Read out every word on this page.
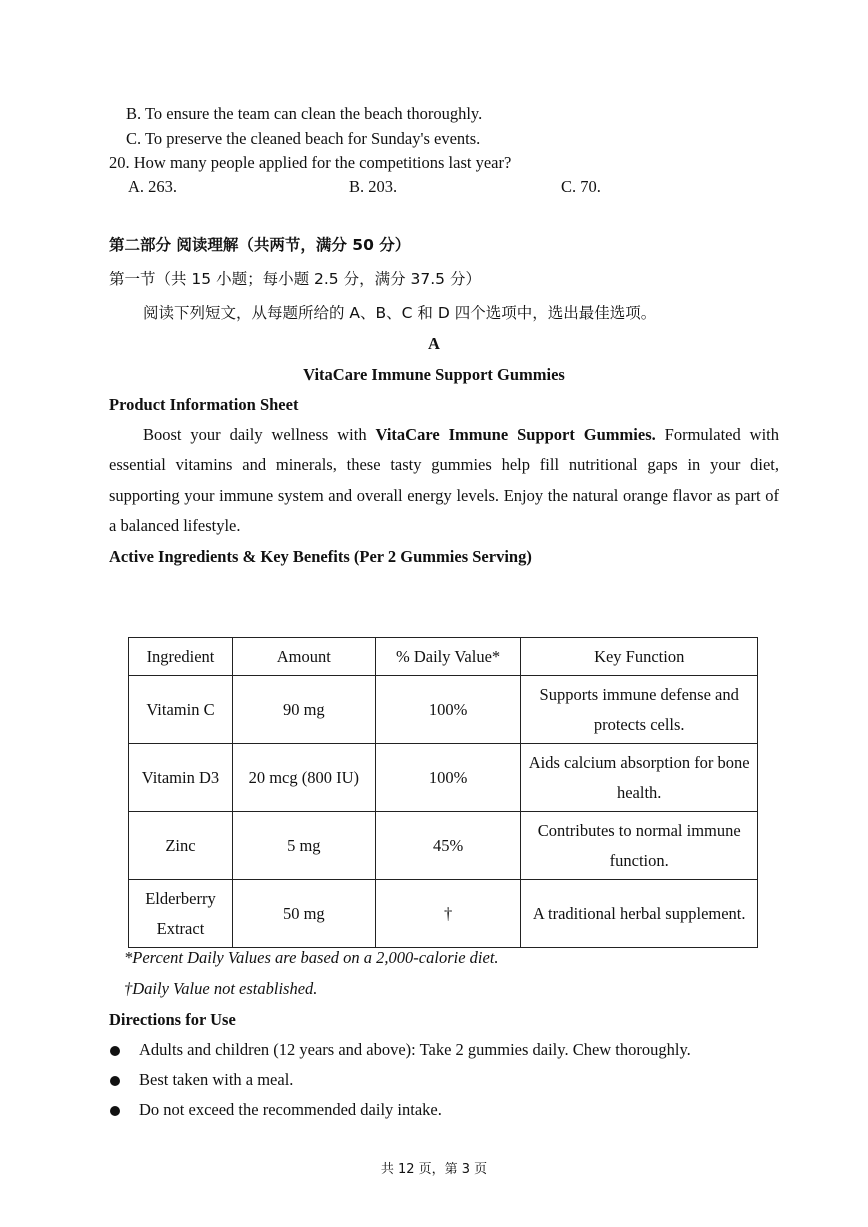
B. To ensure the team can clean the beach thoroughly.
C. To preserve the cleaned beach for Sunday's events.
20. How many people applied for the competitions last year?
A. 263.	B. 203.	C. 70.
第二部分 阅读理解（共两节，满分 50 分）
第一节（共 15 小题；每小题 2.5 分，满分 37.5 分）
阅读下列短文，从每题所给的 A、B、C 和 D 四个选项中，选出最佳选项。
A
VitaCare Immune Support Gummies
Product Information Sheet
Boost your daily wellness with VitaCare Immune Support Gummies. Formulated with essential vitamins and minerals, these tasty gummies help fill nutritional gaps in your diet, supporting your immune system and overall energy levels. Enjoy the natural orange flavor as part of a balanced lifestyle.
Active Ingredients & Key Benefits (Per 2 Gummies Serving)
Ingredient	Amount	% Daily Value*	Key Function
Vitamin C	90 mg	100%	Supports immune defense and protects cells.
Vitamin D3	20 mcg (800 IU)	100%	Aids calcium absorption for bone health.
Zinc	5 mg	45%	Contributes to normal immune function.
Elderberry Extract	50 mg	†	A traditional herbal supplement.
*Percent Daily Values are based on a 2,000-calorie diet.
†Daily Value not established.
Directions for Use
Adults and children (12 years and above): Take 2 gummies daily. Chew thoroughly.
Best taken with a meal.
Do not exceed the recommended daily intake.
共 12 页，第 3 页
